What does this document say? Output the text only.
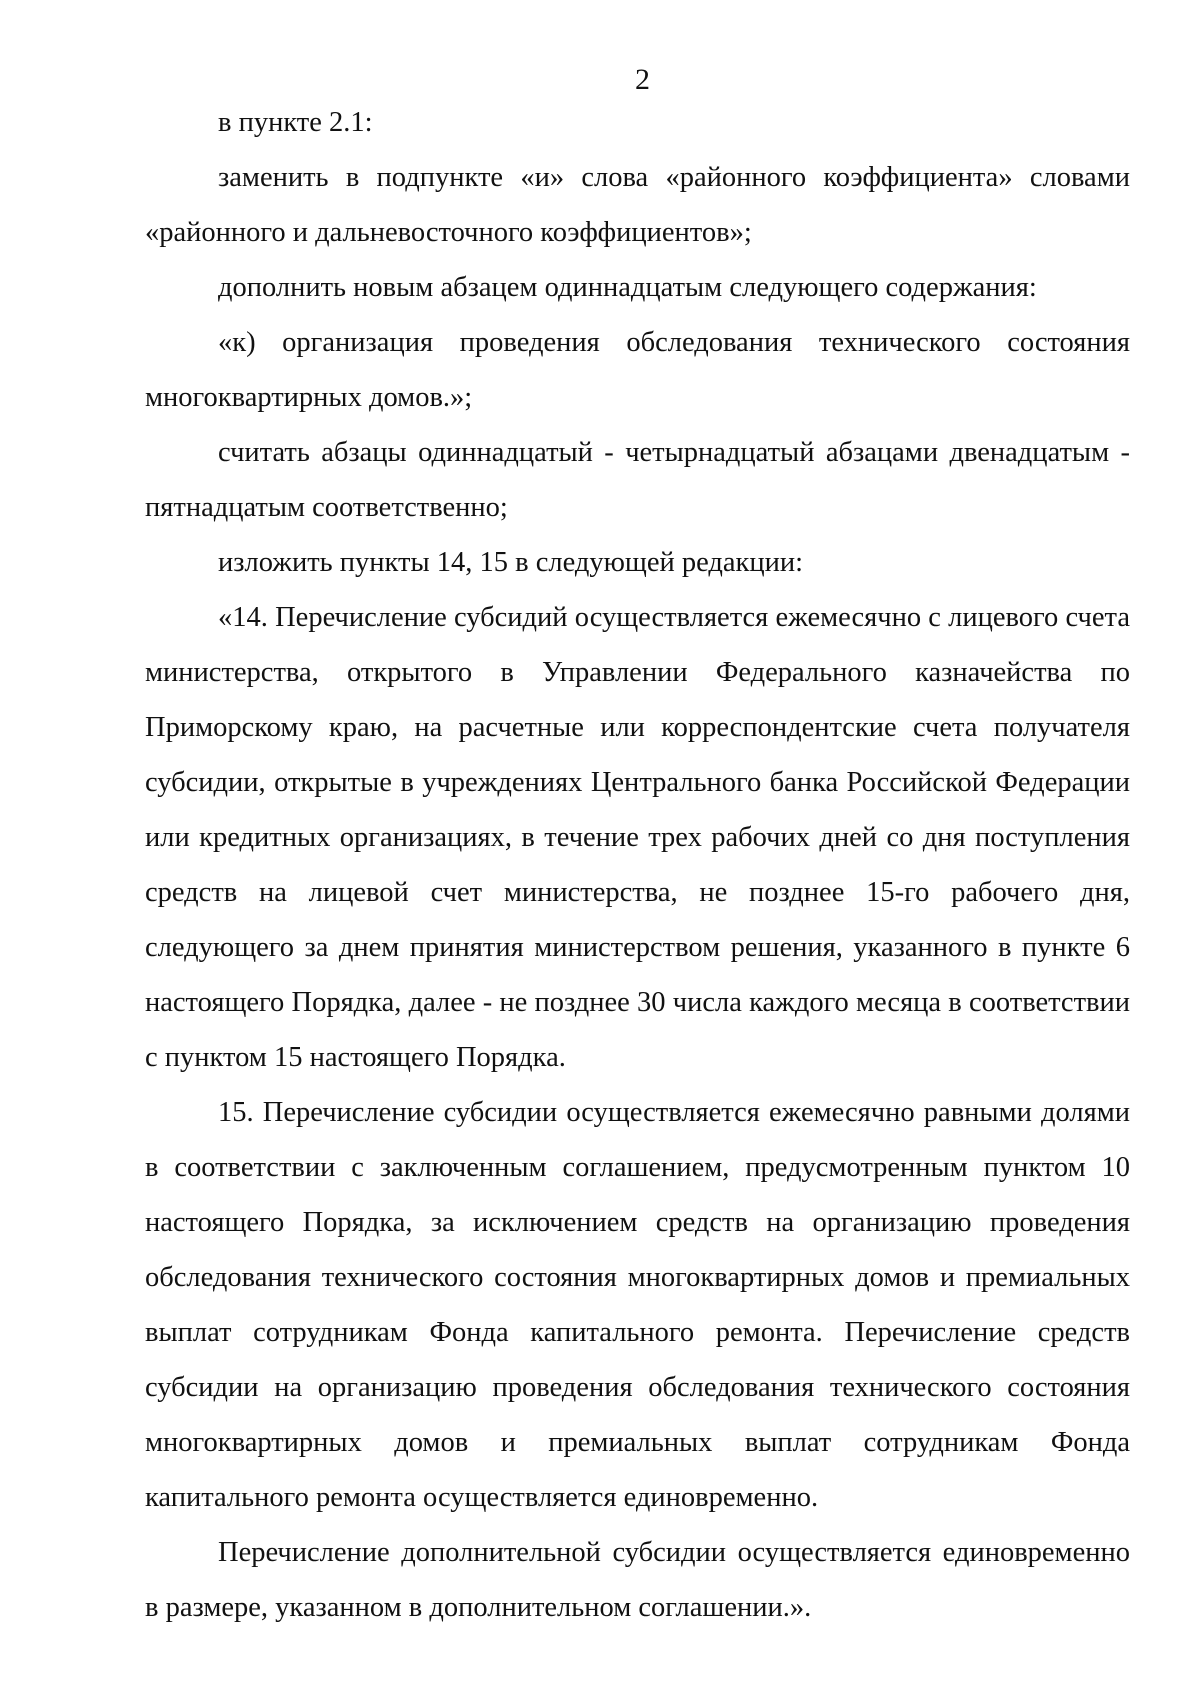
2

в пункте 2.1:

заменить в подпункте «и» слова «районного коэффициента» словами «районного и дальневосточного коэффициентов»;

дополнить новым абзацем одиннадцатым следующего содержания:

«к) организация проведения обследования технического состояния многоквартирных домов.»;

считать абзацы одиннадцатый - четырнадцатый абзацами двенадцатым - пятнадцатым соответственно;

изложить пункты 14, 15 в следующей редакции:

«14. Перечисление субсидий осуществляется ежемесячно с лицевого счета министерства, открытого в Управлении Федерального казначейства по Приморскому краю, на расчетные или корреспондентские счета получателя субсидии, открытые в учреждениях Центрального банка Российской Федерации или кредитных организациях, в течение трех рабочих дней со дня поступления средств на лицевой счет министерства, не позднее 15-го рабочего дня, следующего за днем принятия министерством решения, указанного в пункте 6 настоящего Порядка, далее - не позднее 30 числа каждого месяца в соответствии с пунктом 15 настоящего Порядка.

15. Перечисление субсидии осуществляется ежемесячно равными долями в соответствии с заключенным соглашением, предусмотренным пунктом 10 настоящего Порядка, за исключением средств на организацию проведения обследования технического состояния многоквартирных домов и премиальных выплат сотрудникам Фонда капитального ремонта. Перечисление средств субсидии на организацию проведения обследования технического состояния многоквартирных домов и премиальных выплат сотрудникам Фонда капитального ремонта осуществляется единовременно.

Перечисление дополнительной субсидии осуществляется единовременно в размере, указанном в дополнительном соглашении.».
